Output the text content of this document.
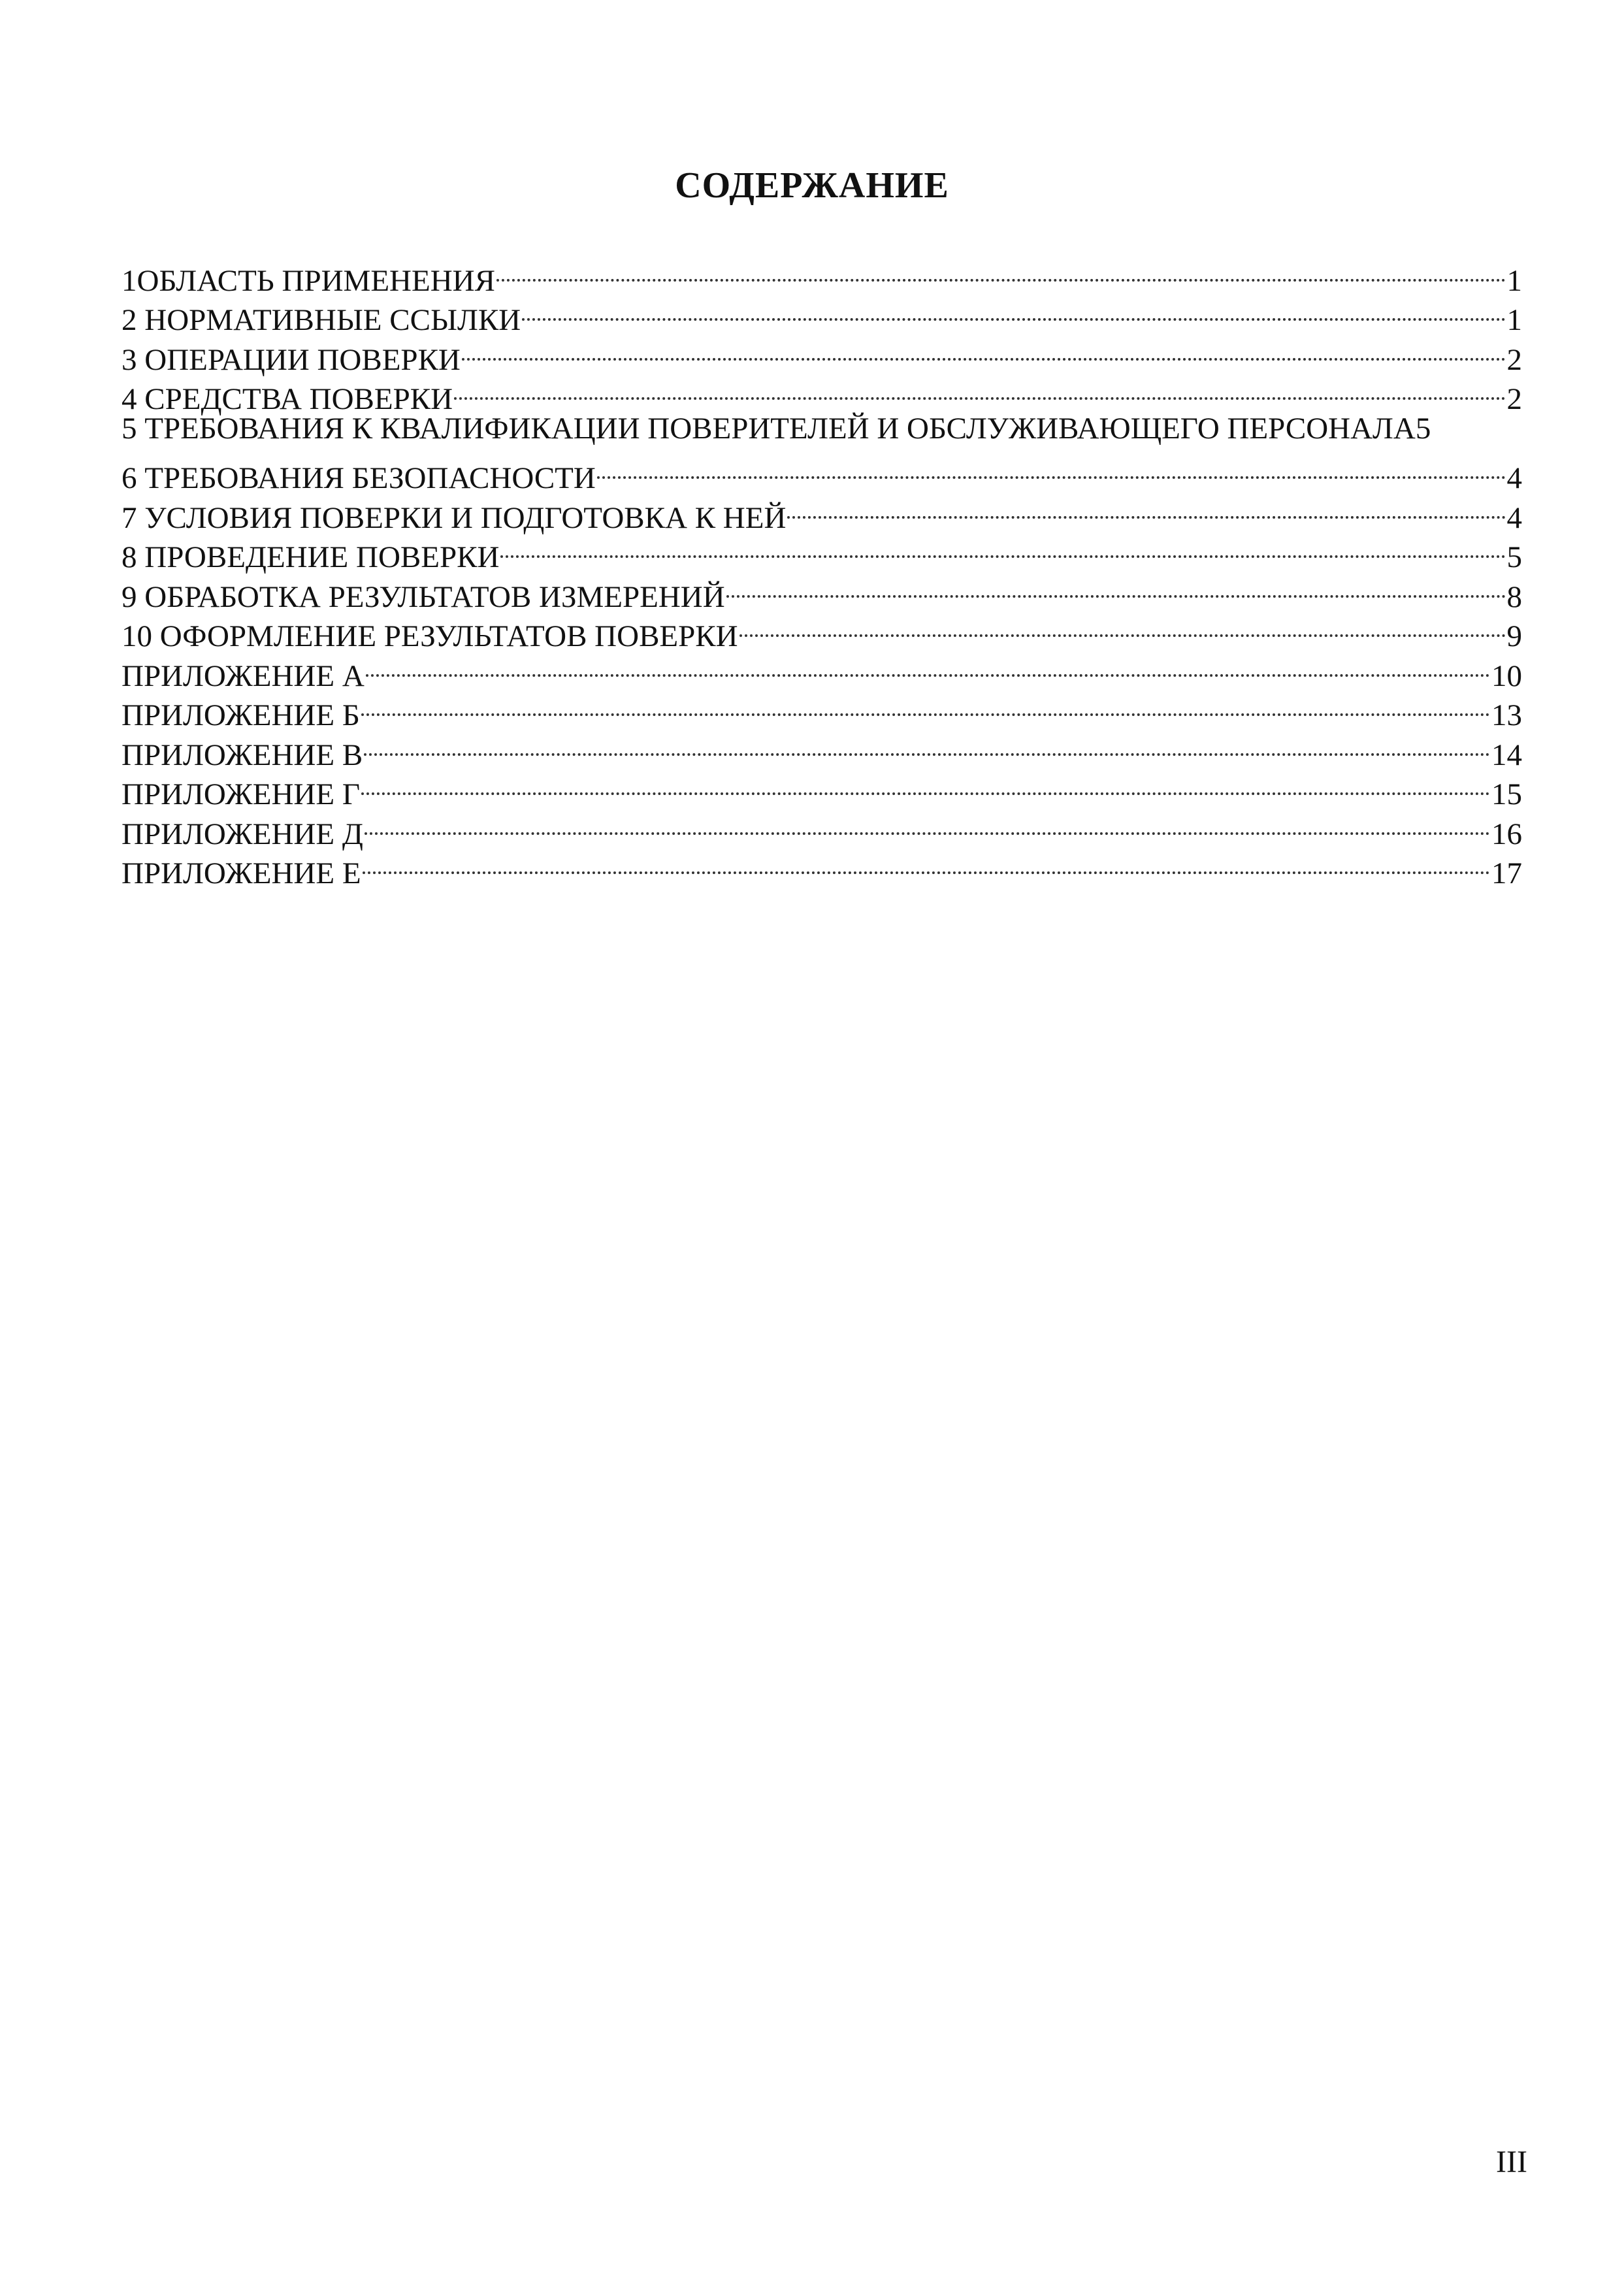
СОДЕРЖАНИЕ
1ОБЛАСТЬ ПРИМЕНЕНИЯ	1
2 НОРМАТИВНЫЕ ССЫЛКИ	1
3 ОПЕРАЦИИ ПОВЕРКИ	2
4 СРЕДСТВА ПОВЕРКИ	2
5 ТРЕБОВАНИЯ К КВАЛИФИКАЦИИ ПОВЕРИТЕЛЕЙ И ОБСЛУЖИВАЮЩЕГО ПЕРСОНАЛА 5
6 ТРЕБОВАНИЯ БЕЗОПАСНОСТИ	4
7 УСЛОВИЯ ПОВЕРКИ И ПОДГОТОВКА К НЕЙ	4
8 ПРОВЕДЕНИЕ ПОВЕРКИ	5
9 ОБРАБОТКА РЕЗУЛЬТАТОВ ИЗМЕРЕНИЙ	8
10 ОФОРМЛЕНИЕ РЕЗУЛЬТАТОВ ПОВЕРКИ	9
ПРИЛОЖЕНИЕ А	10
ПРИЛОЖЕНИЕ Б	13
ПРИЛОЖЕНИЕ В	14
ПРИЛОЖЕНИЕ Г	15
ПРИЛОЖЕНИЕ Д	16
ПРИЛОЖЕНИЕ Е	17
III
